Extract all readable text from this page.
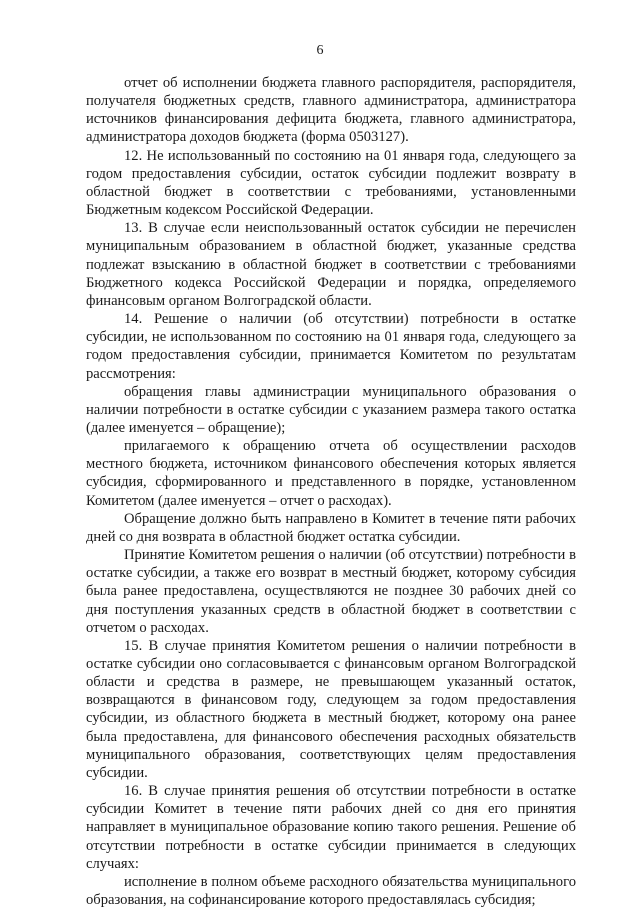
6

отчет об исполнении бюджета главного распорядителя, распорядителя, получателя бюджетных средств, главного администратора, администратора источников финансирования дефицита бюджета, главного администратора, администратора доходов бюджета (форма 0503127).

12. Не использованный по состоянию на 01 января года, следующего за годом предоставления субсидии, остаток субсидии подлежит возврату в областной бюджет в соответствии с требованиями, установленными Бюджетным кодексом Российской Федерации.

13. В случае если неиспользованный остаток субсидии не перечислен муниципальным образованием в областной бюджет, указанные средства подлежат взысканию в областной бюджет в соответствии с требованиями Бюджетного кодекса Российской Федерации и порядка, определяемого финансовым органом Волгоградской области.

14. Решение о наличии (об отсутствии) потребности в остатке субсидии, не использованном по состоянию на 01 января года, следующего за годом предоставления субсидии, принимается Комитетом по результатам рассмотрения:

обращения главы администрации муниципального образования о наличии потребности в остатке субсидии с указанием размера такого остатка (далее именуется – обращение);

прилагаемого к обращению отчета об осуществлении расходов местного бюджета, источником финансового обеспечения которых является субсидия, сформированного и представленного в порядке, установленном Комитетом (далее именуется – отчет о расходах).

Обращение должно быть направлено в Комитет в течение пяти рабочих дней со дня возврата в областной бюджет остатка субсидии.

Принятие Комитетом решения о наличии (об отсутствии) потребности в остатке субсидии, а также его возврат в местный бюджет, которому субсидия была ранее предоставлена, осуществляются не позднее 30 рабочих дней со дня поступления указанных средств в областной бюджет в соответствии с отчетом о расходах.

15. В случае принятия Комитетом решения о наличии потребности в остатке субсидии оно согласовывается с финансовым органом Волгоградской области и средства в размере, не превышающем указанный остаток, возвращаются в финансовом году, следующем за годом предоставления субсидии, из областного бюджета в местный бюджет, которому она ранее была предоставлена, для финансового обеспечения расходных обязательств муниципального образования, соответствующих целям предоставления субсидии.

16. В случае принятия решения об отсутствии потребности в остатке субсидии Комитет в течение пяти рабочих дней со дня его принятия направляет в муниципальное образование копию такого решения. Решение об отсутствии потребности в остатке субсидии принимается в следующих случаях:

исполнение в полном объеме расходного обязательства муниципального образования, на софинансирование которого предоставлялась субсидия;
